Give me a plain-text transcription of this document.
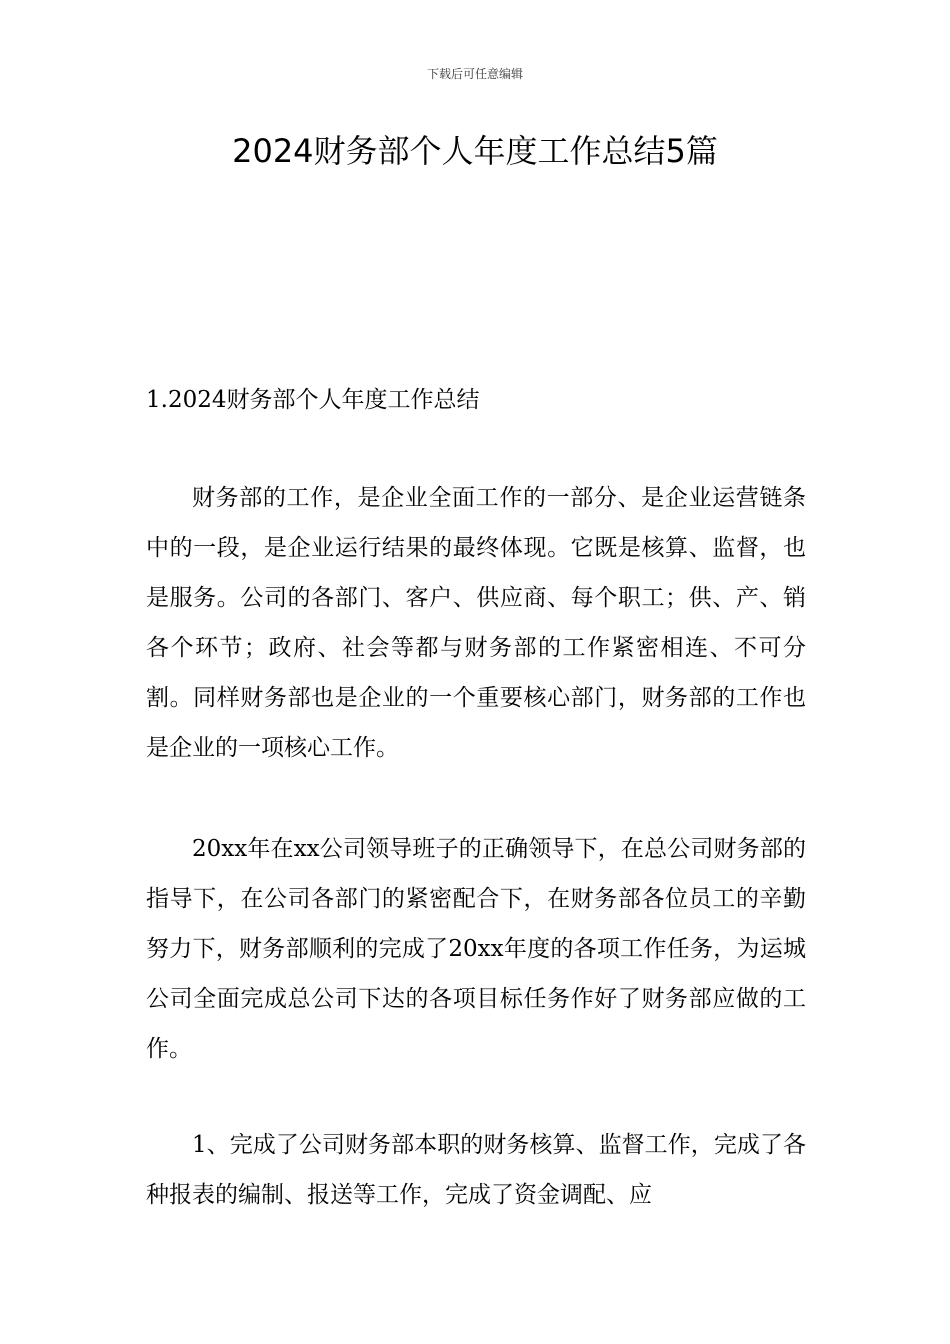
下载后可任意编辑
2024财务部个人年度工作总结5篇
1.2024财务部个人年度工作总结

财务部的工作，是企业全面工作的一部分、是企业运营链条中的一段，是企业运行结果的最终体现。它既是核算、监督，也是服务。公司的各部门、客户、供应商、每个职工；供、产、销各个环节；政府、社会等都与财务部的工作紧密相连、不可分割。同样财务部也是企业的一个重要核心部门，财务部的工作也是企业的一项核心工作。

20xx年在xx公司领导班子的正确领导下，在总公司财务部的指导下，在公司各部门的紧密配合下，在财务部各位员工的辛勤努力下，财务部顺利的完成了20xx年度的各项工作任务，为运城公司全面完成总公司下达的各项目标任务作好了财务部应做的工作。

1、完成了公司财务部本职的财务核算、监督工作，完成了各种报表的编制、报送等工作，完成了资金调配、应
